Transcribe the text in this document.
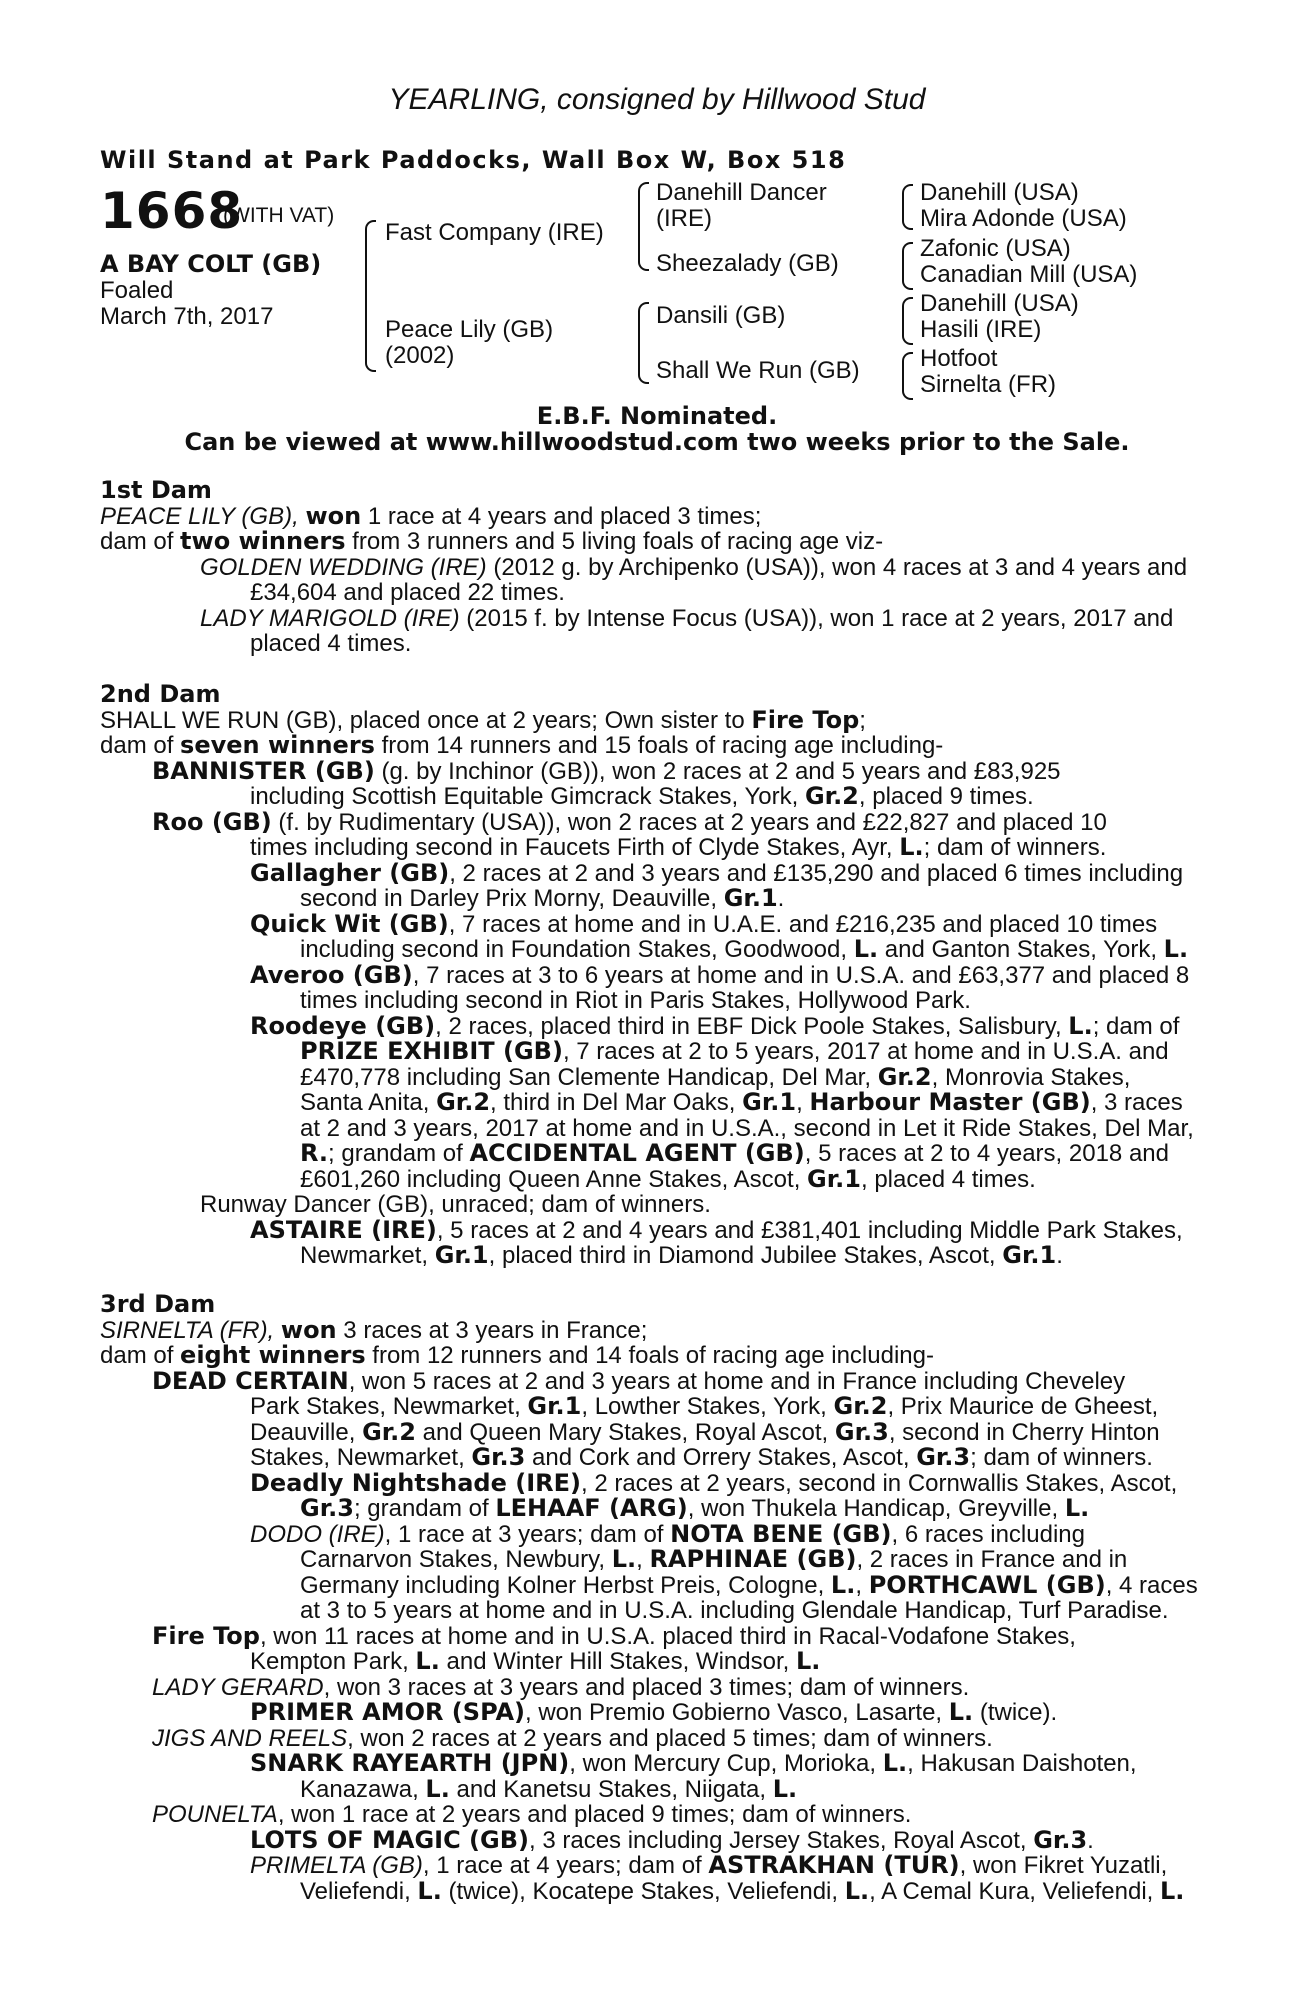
YEARLING, consigned by Hillwood Stud
Will Stand at Park Paddocks, Wall Box W, Box 518
1668
(WITH VAT)
A BAY COLT (GB)
Foaled
March 7th, 2017
Fast Company (IRE)
Peace Lily (GB)
(2002)
Danehill Dancer
(IRE)
Sheezalady (GB)
Dansili (GB)
Shall We Run (GB)
Danehill (USA)
Mira Adonde (USA)
Zafonic (USA)
Canadian Mill (USA)
Danehill (USA)
Hasili (IRE)
Hotfoot
Sirnelta (FR)
E.B.F. Nominated.
Can be viewed at www.hillwoodstud.com two weeks prior to the Sale.
1st Dam
PEACE LILY (GB), won 1 race at 4 years and placed 3 times;
dam of two winners from 3 runners and 5 living foals of racing age viz-
GOLDEN WEDDING (IRE) (2012 g. by Archipenko (USA)), won 4 races at 3 and 4 years and
£34,604 and placed 22 times.
LADY MARIGOLD (IRE) (2015 f. by Intense Focus (USA)), won 1 race at 2 years, 2017 and
placed 4 times.
2nd Dam
SHALL WE RUN (GB), placed once at 2 years; Own sister to Fire Top;
dam of seven winners from 14 runners and 15 foals of racing age including-
BANNISTER (GB) (g. by Inchinor (GB)), won 2 races at 2 and 5 years and £83,925
including Scottish Equitable Gimcrack Stakes, York, Gr.2, placed 9 times.
Roo (GB) (f. by Rudimentary (USA)), won 2 races at 2 years and £22,827 and placed 10
times including second in Faucets Firth of Clyde Stakes, Ayr, L.; dam of winners.
Gallagher (GB), 2 races at 2 and 3 years and £135,290 and placed 6 times including
second in Darley Prix Morny, Deauville, Gr.1.
Quick Wit (GB), 7 races at home and in U.A.E. and £216,235 and placed 10 times
including second in Foundation Stakes, Goodwood, L. and Ganton Stakes, York, L.
Averoo (GB), 7 races at 3 to 6 years at home and in U.S.A. and £63,377 and placed 8
times including second in Riot in Paris Stakes, Hollywood Park.
Roodeye (GB), 2 races, placed third in EBF Dick Poole Stakes, Salisbury, L.; dam of
PRIZE EXHIBIT (GB), 7 races at 2 to 5 years, 2017 at home and in U.S.A. and
£470,778 including San Clemente Handicap, Del Mar, Gr.2, Monrovia Stakes,
Santa Anita, Gr.2, third in Del Mar Oaks, Gr.1, Harbour Master (GB), 3 races
at 2 and 3 years, 2017 at home and in U.S.A., second in Let it Ride Stakes, Del Mar,
R.; grandam of ACCIDENTAL AGENT (GB), 5 races at 2 to 4 years, 2018 and
£601,260 including Queen Anne Stakes, Ascot, Gr.1, placed 4 times.
Runway Dancer (GB), unraced; dam of winners.
ASTAIRE (IRE), 5 races at 2 and 4 years and £381,401 including Middle Park Stakes,
Newmarket, Gr.1, placed third in Diamond Jubilee Stakes, Ascot, Gr.1.
3rd Dam
SIRNELTA (FR), won 3 races at 3 years in France;
dam of eight winners from 12 runners and 14 foals of racing age including-
DEAD CERTAIN, won 5 races at 2 and 3 years at home and in France including Cheveley
Park Stakes, Newmarket, Gr.1, Lowther Stakes, York, Gr.2, Prix Maurice de Gheest,
Deauville, Gr.2 and Queen Mary Stakes, Royal Ascot, Gr.3, second in Cherry Hinton
Stakes, Newmarket, Gr.3 and Cork and Orrery Stakes, Ascot, Gr.3; dam of winners.
Deadly Nightshade (IRE), 2 races at 2 years, second in Cornwallis Stakes, Ascot,
Gr.3; grandam of LEHAAF (ARG), won Thukela Handicap, Greyville, L.
DODO (IRE), 1 race at 3 years; dam of NOTA BENE (GB), 6 races including
Carnarvon Stakes, Newbury, L., RAPHINAE (GB), 2 races in France and in
Germany including Kolner Herbst Preis, Cologne, L., PORTHCAWL (GB), 4 races
at 3 to 5 years at home and in U.S.A. including Glendale Handicap, Turf Paradise.
Fire Top, won 11 races at home and in U.S.A. placed third in Racal-Vodafone Stakes,
Kempton Park, L. and Winter Hill Stakes, Windsor, L.
LADY GERARD, won 3 races at 3 years and placed 3 times; dam of winners.
PRIMER AMOR (SPA), won Premio Gobierno Vasco, Lasarte, L. (twice).
JIGS AND REELS, won 2 races at 2 years and placed 5 times; dam of winners.
SNARK RAYEARTH (JPN), won Mercury Cup, Morioka, L., Hakusan Daishoten,
Kanazawa, L. and Kanetsu Stakes, Niigata, L.
POUNELTA, won 1 race at 2 years and placed 9 times; dam of winners.
LOTS OF MAGIC (GB), 3 races including Jersey Stakes, Royal Ascot, Gr.3.
PRIMELTA (GB), 1 race at 4 years; dam of ASTRAKHAN (TUR), won Fikret Yuzatli,
Veliefendi, L. (twice), Kocatepe Stakes, Veliefendi, L., A Cemal Kura, Veliefendi, L.
